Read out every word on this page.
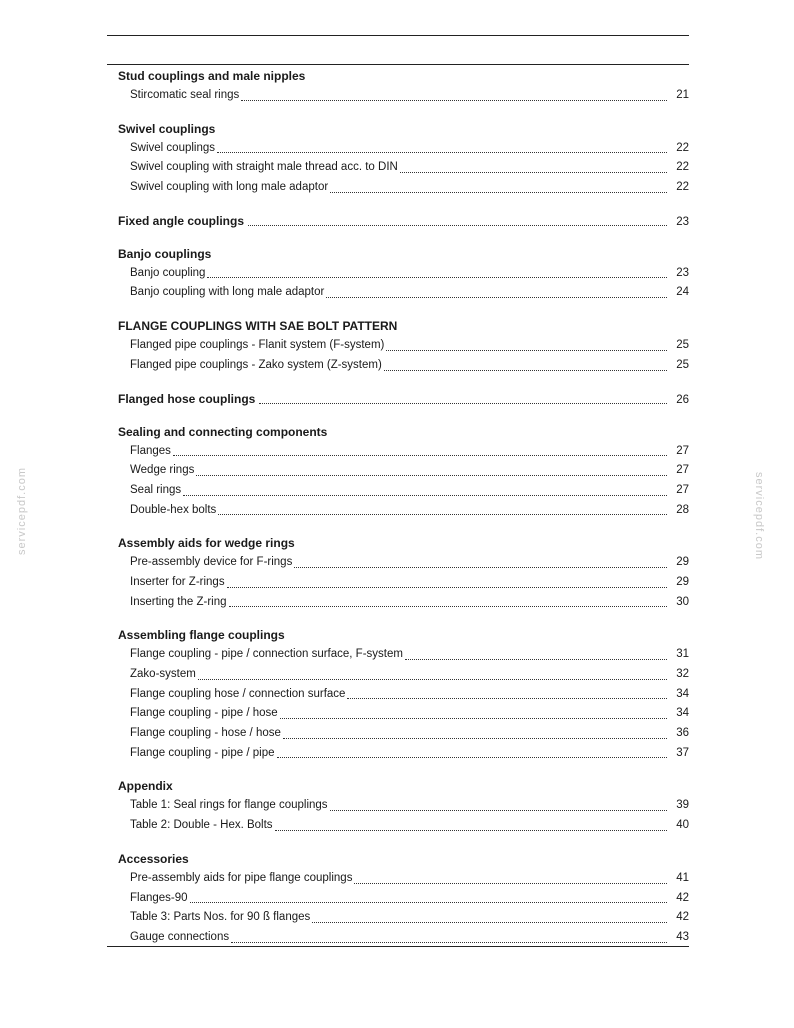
Stud couplings and male nipples
Stircomatic seal rings	21
Swivel couplings
Swivel couplings	22
Swivel coupling with straight male thread acc. to DIN	22
Swivel coupling with long male adaptor	22
Fixed angle couplings	23
Banjo couplings
Banjo coupling	23
Banjo coupling with long male adaptor	24
FLANGE COUPLINGS WITH SAE BOLT PATTERN
Flanged pipe couplings - Flanit system (F-system)	25
Flanged pipe couplings - Zako system (Z-system)	25
Flanged hose couplings	26
Sealing and connecting components
Flanges	27
Wedge rings	27
Seal rings	27
Double-hex bolts	28
Assembly aids for wedge rings
Pre-assembly device for F-rings	29
Inserter for Z-rings	29
Inserting the Z-ring	30
Assembling flange couplings
Flange coupling - pipe / connection surface, F-system	31
Zako-system	32
Flange coupling hose / connection surface	34
Flange coupling - pipe / hose	34
Flange coupling - hose / hose	36
Flange coupling - pipe / pipe	37
Appendix
Table 1: Seal rings for flange couplings	39
Table 2: Double - Hex. Bolts	40
Accessories
Pre-assembly aids for pipe flange couplings	41
Flanges-90	42
Table 3: Parts Nos. for 90 ß flanges	42
Gauge connections	43
servicepdf.com	servicepdf.com
